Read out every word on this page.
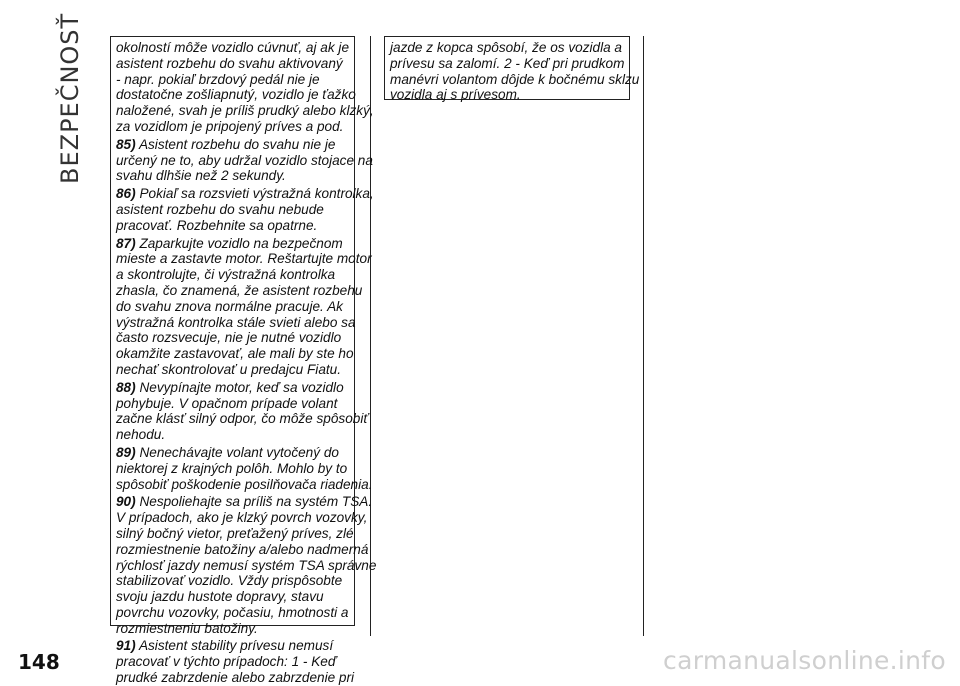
BEZPEČNOSŤ okolností môže vozidlo cúvnuť, aj ak je
asistent rozbehu do svahu aktivovaný
- napr. pokiaľ brzdový pedál nie je
dostatočne zošliapnutý, vozidlo je ťažko
naložené, svah je príliš prudký alebo klzký,
za vozidlom je pripojený príves a pod.

85) Asistent rozbehu do svahu nie je
určený ne to, aby udržal vozidlo stojace na
svahu dlhšie než 2 sekundy.

86) Pokiaľ sa rozsvieti výstražná kontrolka,
asistent rozbehu do svahu nebude
pracovať. Rozbehnite sa opatrne.

87) Zaparkujte vozidlo na bezpečnom
mieste a zastavte motor. Reštartujte motor
a skontrolujte, či výstražná kontrolka
zhasla, čo znamená, že asistent rozbehu
do svahu znova normálne pracuje. Ak
výstražná kontrolka stále svieti alebo sa
často rozsvecuje, nie je nutné vozidlo
okamžite zastavovať, ale mali by ste ho
nechať skontrolovať u predajcu Fiatu.

88) Nevypínajte motor, keď sa vozidlo
pohybuje. V opačnom prípade volant
začne klásť silný odpor, čo môže spôsobiť
nehodu.

89) Nenechávajte volant vytočený do
niektorej z krajných polôh. Mohlo by to
spôsobiť poškodenie posilňovača riadenia.

90) Nespoliehajte sa príliš na systém TSA.
V prípadoch, ako je klzký povrch vozovky,
silný bočný vietor, preťažený príves, zlé
rozmiestnenie batožiny a/alebo nadmerná
rýchlosť jazdy nemusí systém TSA správne
stabilizovať vozidlo. Vždy prispôsobte
svoju jazdu hustote dopravy, stavu
povrchu vozovky, počasiu, hmotnosti a
rozmiestneniu batožiny.

91) Asistent stability prívesu nemusí
pracovať v týchto prípadoch: 1 - Keď
prudké zabrzdenie alebo zabrzdenie pri

jazde z kopca spôsobí, že os vozidla a
prívesu sa zalomí. 2 - Keď pri prudkom
manévri volantom dôjde k bočnému sklzu
vozidla aj s prívesom.

148	carmanualsonline.info
